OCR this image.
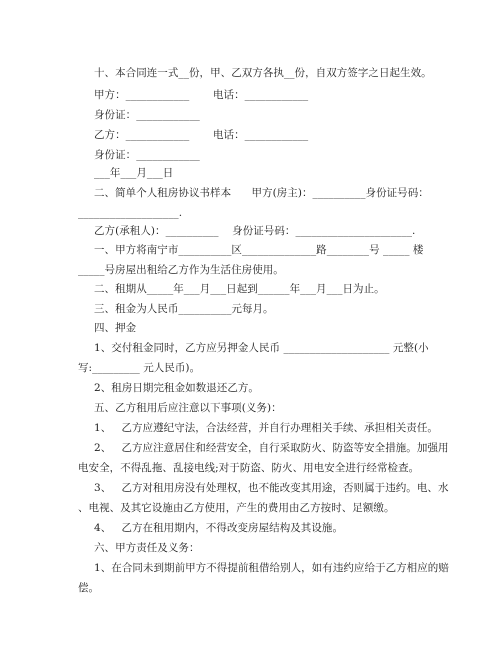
十、本合同连一式__份，甲、乙双方各执__份，自双方签字之日起生效。
甲方：____________       电话：____________
身份证：____________
乙方：____________       电话：____________
身份证：____________
___年___月___日
二、简单个人租房协议书样本      甲方(房主)：__________身份证号码：
___________________.
乙方(承租人)：__________    身份证号码：______________________.
一、甲方将南宁市__________区______________路________号 _____ 楼
_____号房屋出租给乙方作为生活住房使用。
二、租期从_____年___月___日起到______年___月___日为止。
三、租金为人民币__________元每月。
四、押金
1、交付租金同时，乙方应另押金人民币 ____________________ 元整(小
写:_________ 元人民币)。
2、租房日期完租金如数退还乙方。
五、乙方租用后应注意以下事项(义务)：
1、   乙方应遵纪守法，合法经营，并自行办理相关手续、承担相关责任。
2、   乙方应注意居住和经营安全，自行采取防火、防盗等安全措施。加强用
电安全，不得乱拖、乱接电线;对于防盗、防火、用电安全进行经常检查。
3、   乙方对租用房没有处理权，也不能改变其用途，否则属于违约。电、水
、电视、及其它设施由乙方使用，产生的费用由乙方按时、足额缴。
4、   乙方在租用期内，不得改变房屋结构及其设施。
六、甲方责任及义务：
1、在合同未到期前甲方不得提前租借给别人，如有违约应给于乙方相应的赔
偿。
